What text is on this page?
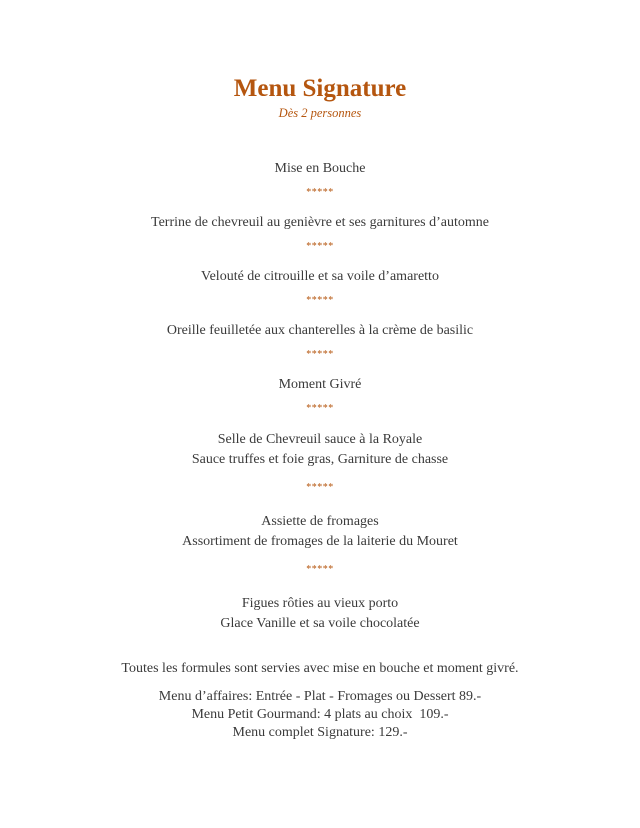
Menu Signature
Dès 2 personnes
Mise en Bouche
*****
Terrine de chevreuil au genièvre et ses garnitures d’automne
*****
Velouté de citrouille et sa voile d’amaretto
*****
Oreille feuilletée aux chanterelles à la crème de basilic
*****
Moment Givré
*****
Selle de Chevreuil sauce à la Royale
Sauce truffes et foie gras, Garniture de chasse
*****
Assiette de fromages
Assortiment de fromages de la laiterie du Mouret
*****
Figues rôties au vieux porto
Glace Vanille et sa voile chocolatée
Toutes les formules sont servies avec mise en bouche et moment givré.
Menu d’affaires: Entrée - Plat - Fromages ou Dessert 89.-
Menu Petit Gourmand: 4 plats au choix  109.-
Menu complet Signature: 129.-
